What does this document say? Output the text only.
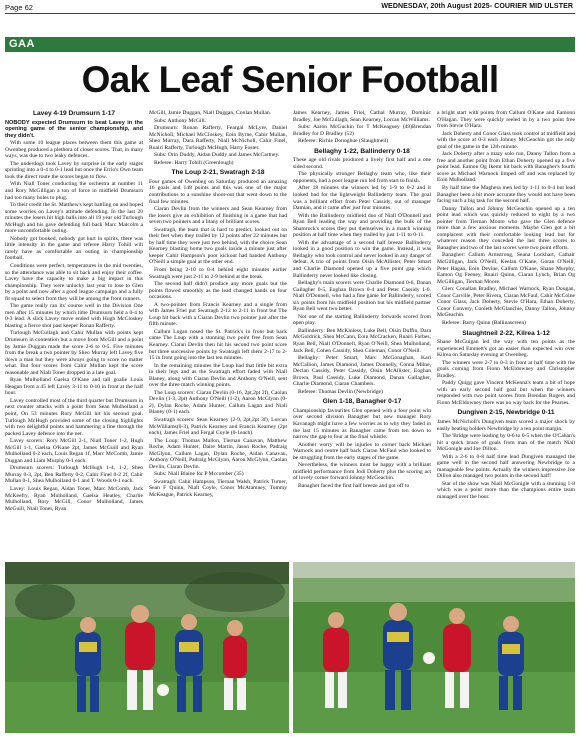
Page 62	WEDNESDAY, 20th August 2025- COURIER MID ULSTER
GAA
Oak Leaf Senior Football
Lavey 4-19 Drumsurn 1-17

NOBODY expected Drumsurn to beat Lavey in the opening game of the senior championship, and they didn't.

With some 10 league places between them this game at Owenbeg produced a plethora of closer scores. That, in many ways, was due to two leaky defences.

The underdogs took Lavey by surprise in the early stages sprinting into a 0-4 to 0-1 lead but once the Errio's Own team took the direct route the scores began to flow.

With Niall Toner conducting the orchestra at number 11 and Rory McGilligan a ton of force in midfield Drumsurn had too many holes to plug.

To their credit the St. Matthew's kept battling on and hoped some worries on Lavey's attitude defending. In the last 20 minutes the losers hit high balls into all 19 year old Turlough McHugh and his gave defending full back Marc Malcolm a more uncomfortable outing.

Nobody got booked, nobody got hurt in spirits, there was little intensity in the game and referee Harry Tohill will rarely have as comfortable an outing in championship football.

Conditions were perfect, temperatures in the mid twenties, so the attendance was able to sit back and enjoy their coffee. Lavey have the capacity to make a big impact in this championship. They were unlucky last year to lose to Glen by a point and now after a good league campaign and a fully fit squad to select from they will be among the front runners.

The game really ran its' course well in the Division One men after 15 minutes by which time Drumsurn held a 0-4 to 0-3 lead. A slick Lavey move ended with Hugh McCloskey blasting a fierce shot past keeper Ronan Rafferty.

Turlough McCullagh and Cahir Mullan with points kept Drumsurn in contention but a move from McGill and a point by Jamie Duggan made the score 2-6 to 0-5. Five minutes from the break a two pointer by Sheo Murray left Lavey five down a man but they were always going to score no matter what. But four scores from Cahir Mullan kept the score reasonable and Niall Toner dropped in a late goal.

Ryan Mulholland Gaelsa O'Kane and tall goalie Louis Heagan from a 45 left Lavey 3-11 to 0-10 in front at the half hour.

Lavey controlled most of the third quarter but Drumsurn in next counter attacks with a point from Sean Mulholland a point, On 53 minutes Rory McGill hit his second goal. Turlough McHugh provided some of the closing highlights with two delightful points and hammering a fine through the packed Lavey defence into the net.

Lavey scorers: Rory McGill 2-1, Niall Toner 1-2, Hugh McGill 1-1, Gaelsa O'Kane 2pt, James McGuill and Ryan Mulholland 0-2 each, Louis Regan 1f, Marc McComb, Jamie Duggan and Liam Murphy 0-1 each.

Drumsurn scorers: Turlough McHugh 1-4, 1-2, Sheo Murray 0-3, 2pt, Ben Rafferty 0-2, Cahir Finel 0-2 2f, Cahir Mullan 0-1, Shea Mulholland 0-1 and T. Woods 0-1 each.

Lavey: Louis Regan, Aidan Toner, Marc McComb, Jack McKeefry, Ryan Mulholland, Gaelsa Heatley, Charlie Mulholland, Rory McGill, Conor Mulholland, James McGuill, Niall Toner, Ryan

McGill, Jamie Duggan, Niall Duggan, Conlan Mullan.

Subs: Anthony McGill.

Drumsurn: Ronan Rafferty, Feargal McLyre, Daniel McNicholl, Michael McCloskey, Eoin Byrne, Cahir Mullan, Sheo Murray, Dara Rafferty, Niall McNicholl, Cahir Finel, Ruairi Rafferty, Turlough McHugh, Harry Foster.

Subs: Orin Duddy, Aidan Duddy and James McCartney.

Referee: Harry Tohill (Greenlough)

The Loup 2-21, Swatragh 2-18

Four games of Owenbeg on Saturday produced an amazing 16 goals and 148 points and this was one of the major contributions to a sunshine shoot-out that went down to the final few minutes.

Ciaran Devlin from the winners and Sean Kearney from the losers give an exhibition of finishing in a game that had seven two pointers and a litany of brilliant scores.

Swatragh, the team that is hard to predict, looked out on their feet when they trailed by 12 points after 22 minutes but by half time they were just two behind, with the choice Sean Kearney blasting home two goals inside a minute just after keeper Cahir Hampson's poor kickout had handed Anthony O'Neill a simple goal at the other end.

From being 2-10 to 0-4 behind eight minutes earlier Swatragh were just 2-11 to 2-9 behind at the break.

The second half didn't produce any more goals but the points flowed smoothly as the lead changed hands on four occasions.

A two-pointer from Francis Kearney and a single from with James Friel put Swatragh 2-12 to 2-11 in front but The Loup hit back with a Ciaran Devlin two pointer just after the fifth minute.

Callum Logan nosed the St. Patrick's in front but back came The Loup with a stunning two point free from Sean Kearney. Ciaran Devlin then hit his second two point score but three successive points by Swatragh left them 2-17 to 2-15 in front going into the last ten minutes.

In the remaining minutes the Loup had that little bit extra in their legs and as the Swatragh effort faded with Niall Blaney, along with Ciaran Devlin and Anthony O'Neill, sent over the three match winning points.

The Loup scorers: Ciaran Devlin (0-16, 2pt,2pt 2f), Caolan Devlin (1-3, 2pt) Anthony O'Neill (1-2), Aaron McGlynn (0-2), Dylan Roche, Adam Hunter, Callum Lagan and Niall Blaney (0-1) each.

Swatragh scorers: Sean Kearney (2-9, 2pt,2pt 3f), Lorcan McWilliams(0-3), Patrick Kearney and Francis Kearney (2pt each), James Friel and Fergal Coyle (0-1each).

The Loup: Thomas Mallon, Tiernan Canavan, Matthew Roche, Adam Hunter, Daire Martin, Jason Roche, Padraig McGlynn, Callum Lagan, Dylan Roche, Aidan Canavan, Anthony O'Neill, Padraig McGlynn, Aaron McGlynn, Caolan Devlin, Ciaran Devlin.

Subs: Niall Blaine for P Mccomber (35)

Swatragh: Cahir Hampson, Tiernan Walsh, Patrick Turner, Sean F Quinn, Niall Coyle, Conor McAtamney, Tommy McKeague, Patrick Kearney,

James Kearney, James Friel, Cathal Murray, Dominic Bradley, Joe McCullagh, Sean Kearney, Lorcan McWilliams.

Subs: Aaron McGuckin for T McKeaguey (49)Brendan Bradley for D Bradley (52)

Referee: Richie Donoghue (Slaughtneil)

Bellaghy 1-22, Ballinderry 0-18

These age old rivals produced a lively first half and a one sided second.

The physically stronger Bellaghy team who, like their opponents, had a poor league run led from start to finish.

After 18 minutes the winners led by 1-9 to 0-2 and it looked bad for the lightweight Ballinderry team. The goal was a brilliant effort from Peter Cassidy, out of manager Damian, and it came after just four minutes.

With the Ballinderry midfield duo of Niall O'Donnell and Ryan Bell leading the way and providing the bulk of the Shamrock's scores they put themselves in a match winning position at half time when they trailed by just 1-11 to 0-11.

With the advantage of a second half breeze Ballinderry looked in a good position to win the game. Instead, it was Bellaghy who took control and never looked in any danger of defeat. A trio of points from Oisin McAllister, Peter Smart and Charlie Diamond opened up a five point gap which Ballinderry never looked like closing.

Bellaghy's main scorers were Charlie Diamond 0-6, Danan Gallagher 0-5, Eoghan Brown 0-4 and Peter Cassidy 1-0. Niall O'Donnell, who had a fine game for Ballinderry, scored six points from his midfield position but his midfield partner Ryan Bell went two better.

Not one of the starting Ballinderry forwards scored from open play.

Ballinderry: Ben McKinless, Luke Bell, Oisin Duffin, Dara McGoldrick, Shea McCann, Eoin McCracken, Ruairi Forbes, Ryan Bell, Niall O'Donnell, Ryan O'Neill, Shea Mulholland, Jack Bell, Cohen Cassidy, Shea Coleman, Conor O'Neill.

Bellaghy: Peter Smart, Marc McGonaghan, Karl McCallion, James Diamond, James Donnelly, Conna Milne, Declan Cassidy, Peter Cassidy, Oisin McAllister, Eoghan Brown, Paul Cassidy, Luke Diamond, Danan Gallagher, Charlie Diamond, Ciaran Chambers.

Referee: Thomas Devlin (Newbridge)

Glen 1-18, Banagher 0-17

Championship favourites Glen opened with a four point win over second division Banagher but new manager Rory Kavanagh might have a few worries as to why they faded in the last 15 minutes as Banagher came from ten down to narrow the gap to four at the final whistle.

Another worry will be injuries to corner back Michael Warnock and centre half back Ciaran McFaul who looked to be struggling from the early stages of the game.

Nevertheless, the winners must be happy with a brilliant midfield performance from Jodi Doherty plus the scoring act of lovely corner forward Johnny McGeachin.

Banagher faced the first half breeze and got off to

a bright start with points from Callum O'Kane and Eamonn O'Hagan. They were quickly reeled in by a two point free from Stevie O'Hara.

Jack Doherty and Conor Glass took control at midfield and with the score at 0-3 each Johnny McGeachin got the only goal of the game in the 12th minute.

Jack Doherty after a mazy solo run, Danny Tallon from a free and another point from Ethan Doherty opened up a five point lead. Eamon Og Ikemr hit back with Banagher's fourth score as Michael Warnock limped off and was replaced by Eoin Mulholland.

By half time the Maghera men led by 1-11 to 0-4 but lead Banagher been a bit more accurate they would not have been facing such a big task for the second half.

Danny Tallon and Johnny McGeachin opened up a ten point lead which was quickly reduced to eight by a two pointer from Tiernan Moore who gave the Glen defence more than a few anxious moments. Maybe Glen got a bit complacent with their comfortable looking lead but for whatever reason they conceded the last three scores to Banagher and two of the last scores were two point efforts.

Banagher: Callum Armstrong, Seana Lockhart, Cathair McGilligan, Jack O'Neill, Keelan O'Kane, Goran O'Neill, Peter Hagan, Eoin Devine, Callum O'Kane, Shane Murphy, Eamon Og Feeney, Ruairi Quinn, Ciaran Lynch, Brian Og McGilligan, Tiernan Moore.

Glen: Conallan Bradley, Michael Warnock, Ryan Dougan, Conor Carville, Peter Rivera, Ciaran McFaul, Cahir McColne Conor Glass, Jack Doherty, Stevie O'Hara, Ethan Doherty, Conor Convery, Conleth McGlanchie, Danny Tallon, Johnny McGeachin.

Referee: Barry Quinn (Ballinascreen)

Slaughtneil 2-22, Kilrea 1-12

Shane McGuigan led the way with ten points as the experienced Emmett's got an easier than expected win over Kilrea on Saturday evening at Owenbeg.

The winners were 2-7 to 0-3 in front at half time with the goals coming from Fionn McEldowney and Christopher Bradley.

Paddy Quigg gave Vincent McKenna's team a bit of hope with an early second half goal but when the winners responded with two point scores from Brendan Rogers and Fionn McEldowney there was no way back for the Pearses.

Dungiven 2-15, Newbridge 0-11

James McNicholl's Dungiven team scored a major shock by easily beating holders Newbridge by a ten point margin.

The 'Bridge were leading by 0-6 to 0-5 when the O'Cahan's hit a quick brace of goals from man of the match Niall McGonigle and Joe Dillon.

With a 2-6 to 0-8 half time lead Dungiven managed the game well in the second half answering Newbridge to a manageable few points. Actually the winners impressive Joe Dillon also managed two points in the second half!

Star of the show was Niall McGonigle with a stunning 1-8 which was a point more than the champions entire team managed over the hour.
